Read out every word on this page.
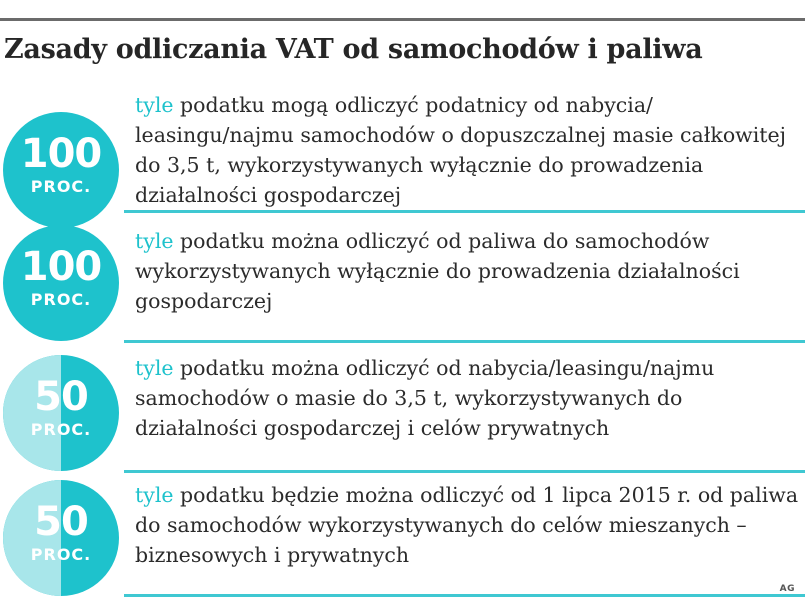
Zasady odliczania VAT od samochodów i paliwa
100
PROC.

tyle podatku mogą odliczyć podatnicy od nabycia/ leasingu/najmu samochodów o dopuszczalnej masie całkowitej do 3,5 t, wykorzystywanych wyłącznie do prowadzenia działalności gospodarczej

100
PROC.

tyle podatku można odliczyć od paliwa do samochodów wykorzystywanych wyłącznie do prowadzenia działalności gospodarczej

50
PROC.

tyle podatku można odliczyć od nabycia/leasingu/najmu samochodów o masie do 3,5 t, wykorzystywanych do działalności gospodarczej i celów prywatnych

50
PROC.

tyle podatku będzie można odliczyć od 1 lipca 2015 r. od paliwa do samochodów wykorzystywanych do celów mieszanych – biznesowych i prywatnych

AG
